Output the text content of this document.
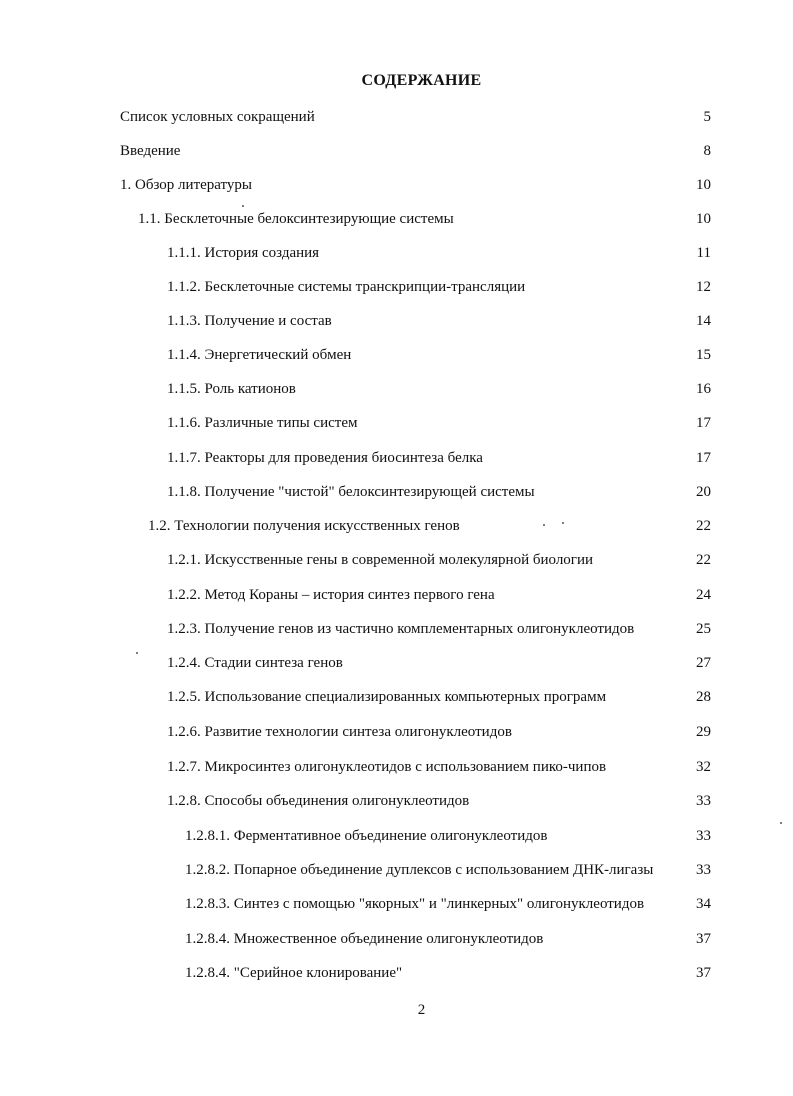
СОДЕРЖАНИЕ
Список условных сокращений	5
Введение	8
1. Обзор литературы	10
1.1. Бесклеточные белоксинтезирующие системы	10
1.1.1. История создания	11
1.1.2. Бесклеточные системы транскрипции-трансляции	12
1.1.3. Получение и состав	14
1.1.4. Энергетический обмен	15
1.1.5. Роль катионов	16
1.1.6. Различные типы систем	17
1.1.7. Реакторы для проведения биосинтеза белка	17
1.1.8. Получение "чистой" белоксинтезирующей системы	20
1.2. Технологии получения искусственных генов	22
1.2.1. Искусственные гены в современной молекулярной биологии	22
1.2.2. Метод Кораны – история синтез первого гена	24
1.2.3. Получение генов из частично комплементарных олигонуклеотидов	25
1.2.4. Стадии синтеза генов	27
1.2.5. Использование специализированных компьютерных программ	28
1.2.6. Развитие технологии синтеза олигонуклеотидов	29
1.2.7. Микросинтез олигонуклеотидов с использованием пико-чипов	32
1.2.8. Способы объединения олигонуклеотидов	33
1.2.8.1. Ферментативное объединение олигонуклеотидов	33
1.2.8.2. Попарное объединение дуплексов с использованием ДНК-лигазы	33
1.2.8.3. Синтез с помощью "якорных" и "линкерных" олигонуклеотидов	34
1.2.8.4. Множественное объединение олигонуклеотидов	37
1.2.8.4. "Серийное клонирование"	37
2
